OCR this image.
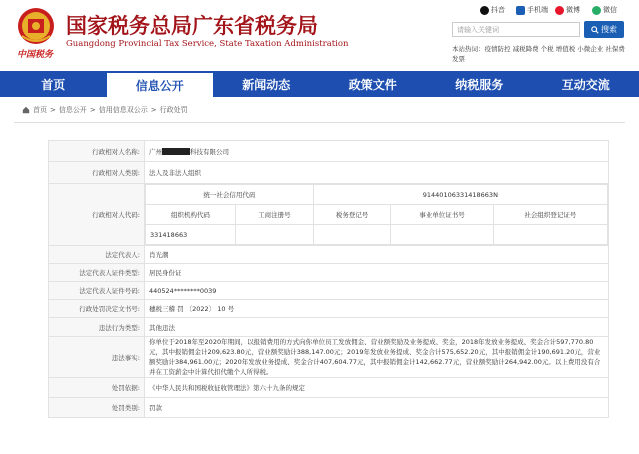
中国税务
国家税务总局广东省税务局
Guangdong Provincial Tax Service, State Taxation Administration
抖音	手机端	微博	微信
请输入关键词	搜索
本站热词：疫情防控 减税降费 个税 增值税 小微企业 社保费 发票
首页	信息公开	新闻动态	政策文件	纳税服务	互动交流
首页 > 信息公开 > 信用信息双公示 > 行政处罚
行政相对人名称:	广州	科技有限公司
行政相对人类别:	法人及非法人组织
行政相对人代码:	
统一社会信用代码	91440106331418663N
组织机构代码	工商注册号	税务登记号	事业单位证书号	社会组织登记证号
331418663				

法定代表人:	肖光潮
法定代表人证件类型:	居民身份证
法定代表人证件号码:	440524********0039
行政处罚决定文书号:	穗税三稽 罚 〔2022〕 10 号
违法行为类型:	其他违法
违法事实:	你单位于2018年至2020年期间，以报销费用的方式向你单位员工发放佣金、营业额奖励及业务提成、奖金，2018年发放业务提成、奖金合计597,770.80元，其中报销佣金计209,623.80元，营业额奖励计388,147.00元；2019年发放业务提成、奖金合计575,652.20元，其中报销佣金计190,691.20元，营业额奖励计384,961.00元；2020年发放业务提成、奖金合计407,604.77元，其中报销佣金计142,662.77元，营业额奖励计264,942.00元。以上费用没有合并在工资薪金中计算代扣代缴个人所得税。
处罚依据:	《中华人民共和国税收征收管理法》第六十九条的规定
处罚类别:	罚款
